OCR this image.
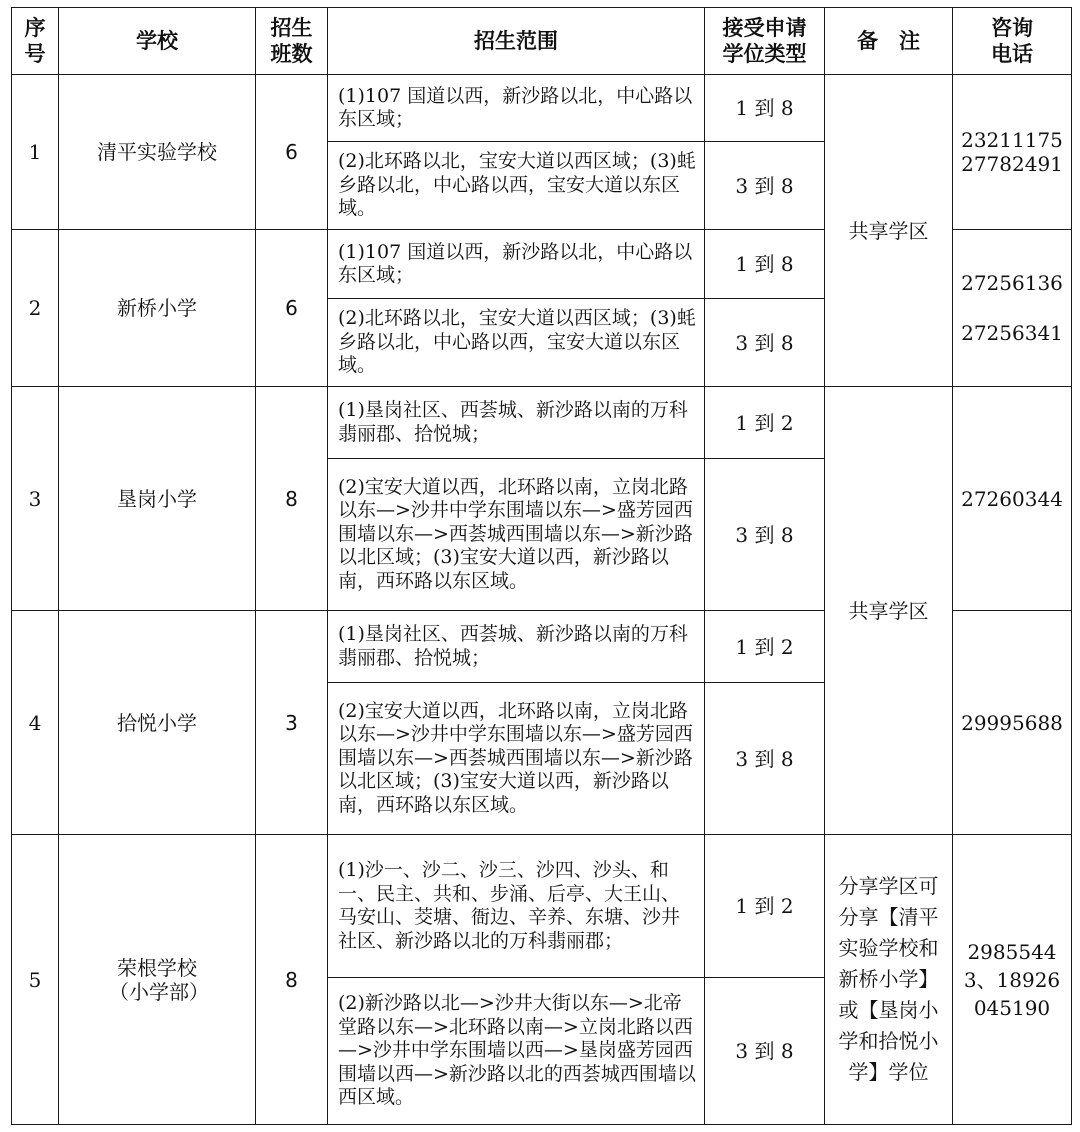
序号	学校	招生班数	招生范围	接受申请学位类型	备　注	咨询电话

1	清平实验学校	6	(1)107 国道以西，新沙路以北，中心路以东区域；	1 到 8	共享学区	23211175
27782491

			(2)北环路以北，宝安大道以西区域；(3)蚝乡路以北，中心路以西，宝安大道以东区域。	3 到 8		
2	新桥小学	6	(1)107 国道以西，新沙路以北，中心路以东区域；	1 到 8		27256136
27256341

			(2)北环路以北，宝安大道以西区域；(3)蚝乡路以北，中心路以西，宝安大道以东区域。	3 到 8		
3	垦岗小学	8	(1)垦岗社区、西荟城、新沙路以南的万科翡丽郡、拾悦城；	1 到 2	共享学区	27260344
			(2)宝安大道以西，北环路以南，立岗北路以东—>沙井中学东围墙以东—>盛芳园西围墙以东—>西荟城西围墙以东—>新沙路以北区域；(3)宝安大道以西，新沙路以南，西环路以东区域。	3 到 8		
4	拾悦小学	3	(1)垦岗社区、西荟城、新沙路以南的万科翡丽郡、拾悦城；	1 到 2		29995688
			(2)宝安大道以西，北环路以南，立岗北路以东—>沙井中学东围墙以东—>盛芳园西围墙以东—>西荟城西围墙以东—>新沙路以北区域；(3)宝安大道以西，新沙路以南，西环路以东区域。	3 到 8		
5	荣根学校（小学部）	8	(1)沙一、沙二、沙三、沙四、沙头、和一、民主、共和、步涌、后亭、大王山、马安山、茭塘、衙边、辛养、东塘、沙井社区、新沙路以北的万科翡丽郡；	1 到 2	分享学区可分享【清平实验学校和新桥小学】或【垦岗小学和拾悦小学】学位	29855443、18926045190

			(2)新沙路以北—>沙井大街以东—>北帝堂路以东—>北环路以南—>立岗北路以西—>沙井中学东围墙以西—>垦岗盛芳园西围墙以西—>新沙路以北的西荟城西围墙以西区域。	3 到 8		
